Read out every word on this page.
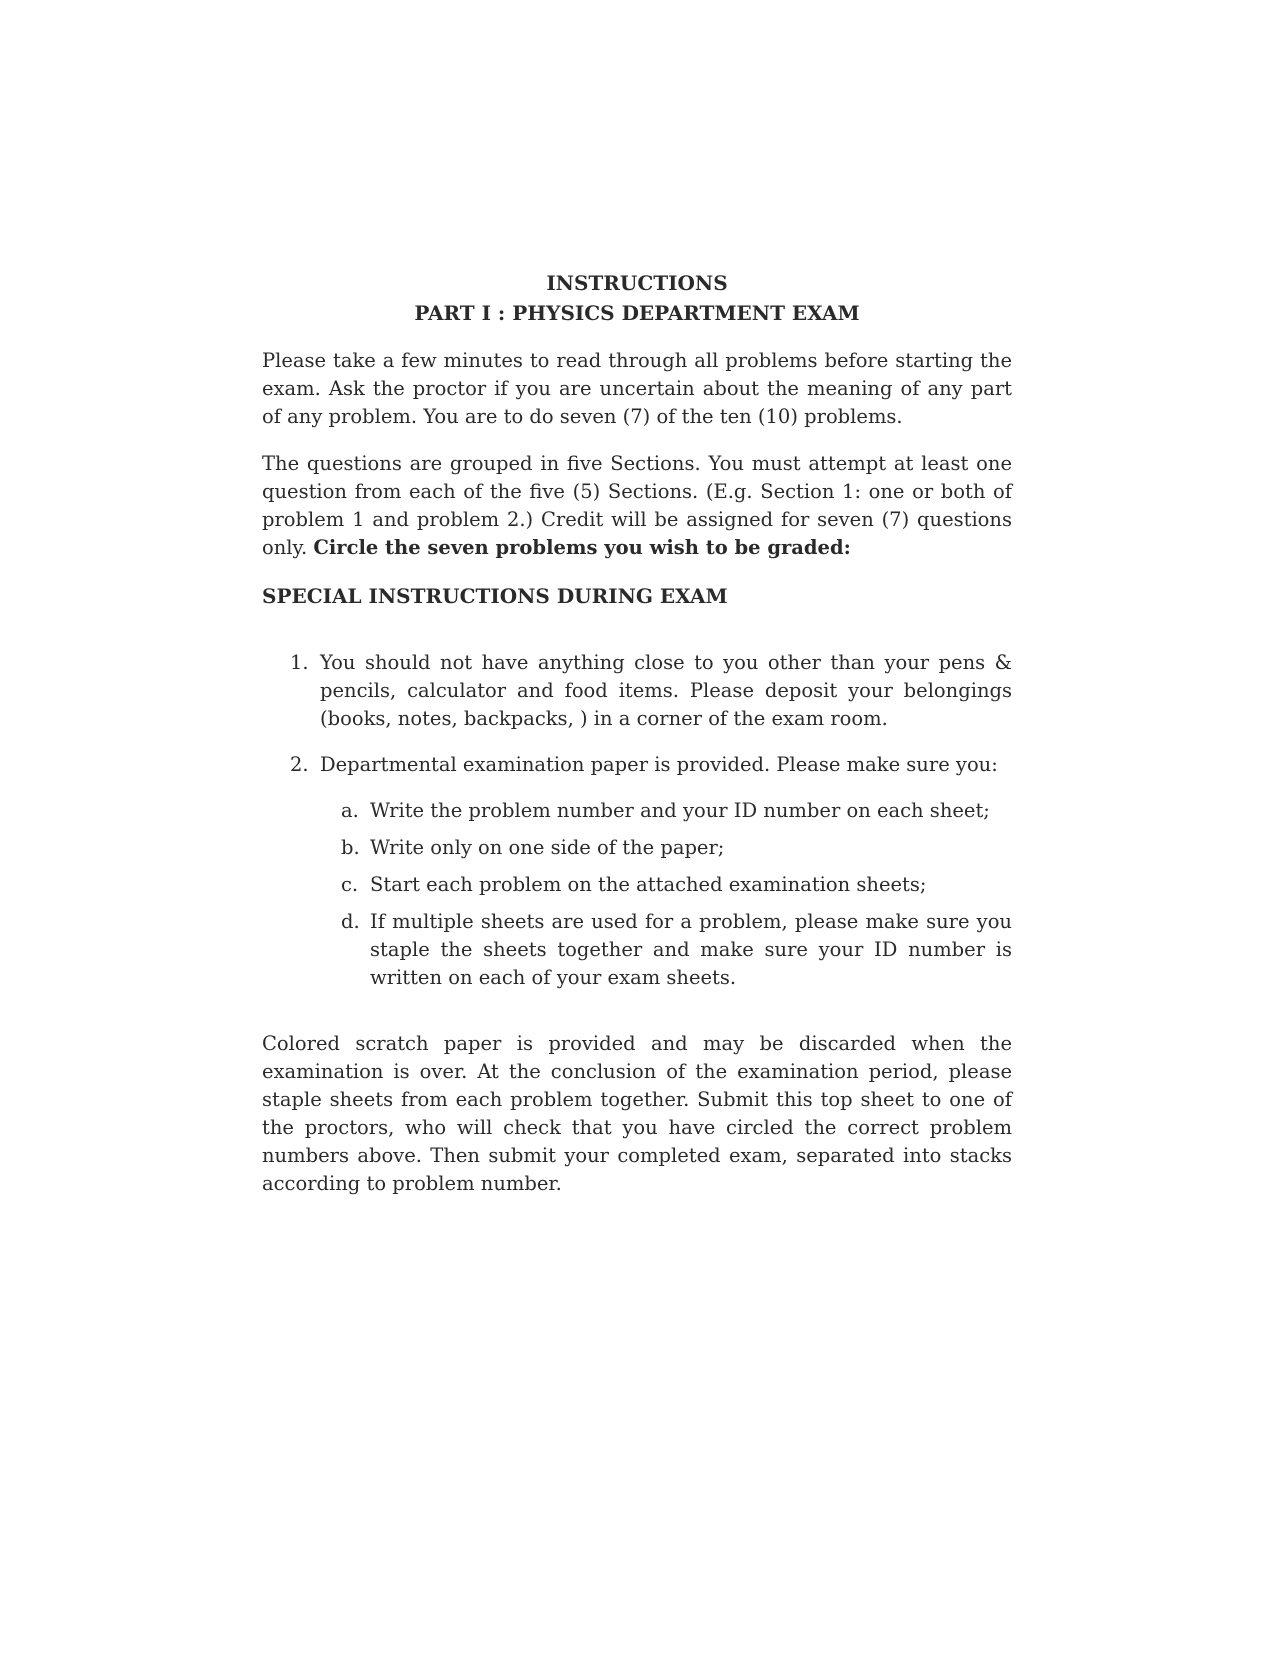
INSTRUCTIONS
PART I : PHYSICS DEPARTMENT EXAM

Please take a few minutes to read through all problems before starting the exam. Ask the proctor if you are uncertain about the meaning of any part of any problem. You are to do seven (7) of the ten (10) problems.

The questions are grouped in five Sections. You must attempt at least one question from each of the five (5) Sections. (E.g. Section 1: one or both of problem 1 and problem 2.) Credit will be assigned for seven (7) questions only. Circle the seven problems you wish to be graded:

SPECIAL INSTRUCTIONS DURING EXAM
1. You should not have anything close to you other than your pens & pencils, calculator and food items. Please deposit your belongings (books, notes, backpacks, ) in a corner of the exam room.
2. Departmental examination paper is provided. Please make sure you:
a. Write the problem number and your ID number on each sheet;
b. Write only on one side of the paper;
c. Start each problem on the attached examination sheets;
d. If multiple sheets are used for a problem, please make sure you staple the sheets together and make sure your ID number is written on each of your exam sheets.

Colored scratch paper is provided and may be discarded when the examination is over. At the conclusion of the examination period, please staple sheets from each problem together. Submit this top sheet to one of the proctors, who will check that you have circled the correct problem numbers above. Then submit your completed exam, separated into stacks according to problem number.
